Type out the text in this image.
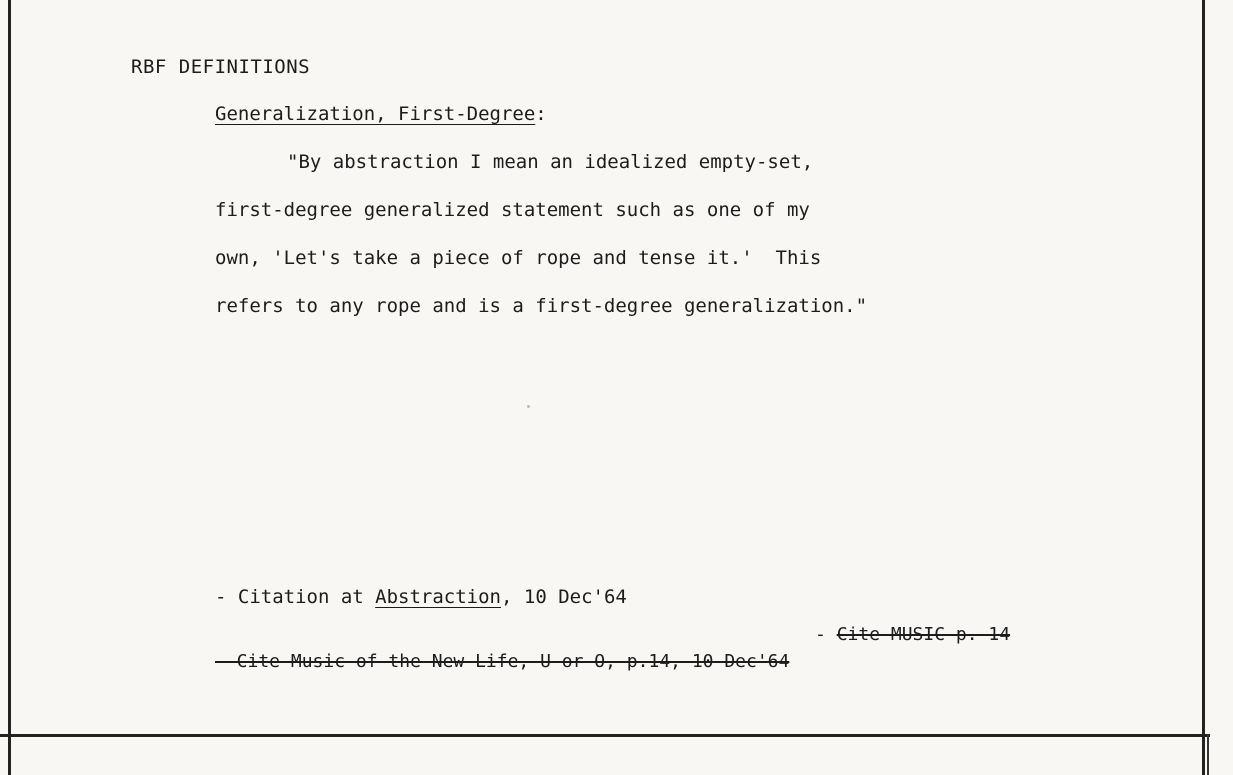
RBF DEFINITIONS
Generalization, First-Degree:
"By abstraction I mean an idealized empty-set,
first-degree generalized statement such as one of my
own, 'Let's take a piece of rope and tense it.'  This
refers to any rope and is a first-degree generalization."
- Citation at Abstraction, 10 Dec'64
- Cite MUSIC p. 14
- Cite Music of the New Life, U or O, p.14, 10 Dec'64
